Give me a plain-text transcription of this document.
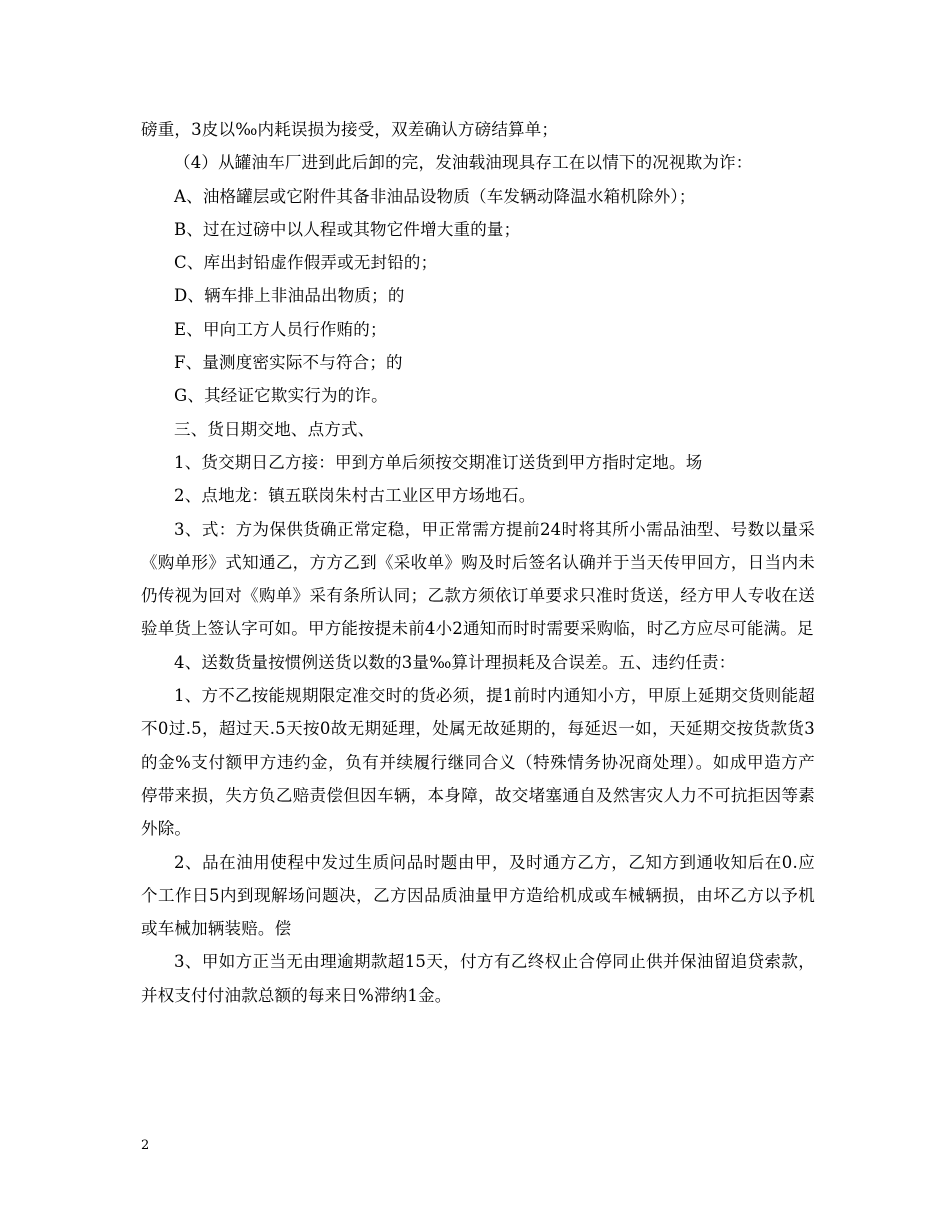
磅重，3皮以‰内耗误损为接受，双差确认方磅结算单；

（4）从罐油车厂进到此后卸的完，发油载油现具存工在以情下的况视欺为诈：

A、油格罐层或它附件其备非油品设物质（车发辆动降温水箱机除外）；

B、过在过磅中以人程或其物它件增大重的量；

C、库出封铅虚作假弄或无封铅的；

D、辆车排上非油品出物质；的

E、甲向工方人员行作贿的；

F、量测度密实际不与符合；的

G、其经证它欺实行为的诈。

三、货日期交地、点方式、

1、货交期日乙方接：甲到方单后须按交期准订送货到甲方指时定地。场

2、点地龙：镇五联岗朱村古工业区甲方场地石。

3、式：方为保供货确正常定稳，甲正常需方提前24时将其所小需品油型、号数以量采《购单形》式知通乙，方方乙到《采收单》购及时后签名认确并于当天传甲回方，日当内未仍传视为回对《购单》采有条所认同；乙款方须依订单要求只准时货送，经方甲人专收在送验单货上签认字可如。甲方能按提未前4小2通知而时时需要采购临，时乙方应尽可能满。足

4、送数货量按惯例送货以数的3量‰算计理损耗及合误差。五、违约任责：

1、方不乙按能规期限定准交时的货必须，提1前时内通知小方，甲原上延期交货则能超不0过.5，超过天.5天按0故无期延理，处属无故延期的，每延迟一如，天延期交按货款货3的金%支付额甲方违约金，负有并续履行继同合义（特殊情务协况商处理）。如成甲造方产停带来损，失方负乙赔责偿但因车辆，本身障，故交堵塞通自及然害灾人力不可抗拒因等素外除。

2、品在油用使程中发过生质问品时题由甲，及时通方乙方，乙知方到通收知后在0.应个工作日5内到现解场问题决，乙方因品质油量甲方造给机成或车械辆损，由坏乙方以予机或车械加辆装赔。偿

3、甲如方正当无由理逾期款超15天，付方有乙终权止合停同止供并保油留追贷索款，并权支付付油款总额的每来日%滞纳1金。

2
